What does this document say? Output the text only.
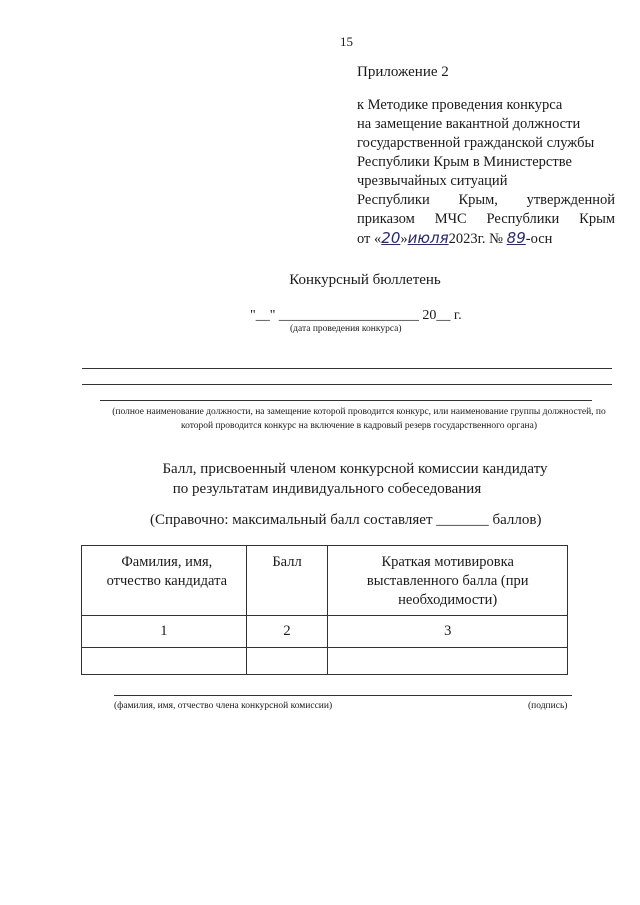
15
Приложение 2
к Методике проведения конкурса
на замещение вакантной должности
государственной гражданской службы
Республики Крым в Министерстве
чрезвычайных ситуаций
Республики Крым, утвержденной
приказом МЧС Республики Крым
от «20»июля2023г. № 89-осн
Конкурсный бюллетень
"__" ____________________ 20__ г.
(дата проведения конкурса)
(полное наименование должности, на замещение которой проводится конкурс, или наименование группы должностей, по которой проводится конкурс на включение в кадровый резерв государственного органа)
Балл, присвоенный членом конкурсной комиссии кандидату
по результатам индивидуального собеседования
(Справочно: максимальный балл составляет _______ баллов)
Фамилия, имя, отчество кандидата	Балл	Краткая мотивировка выставленного балла (при необходимости)
1	2	3

(фамилия, имя, отчество члена конкурсной комиссии)	(подпись)
